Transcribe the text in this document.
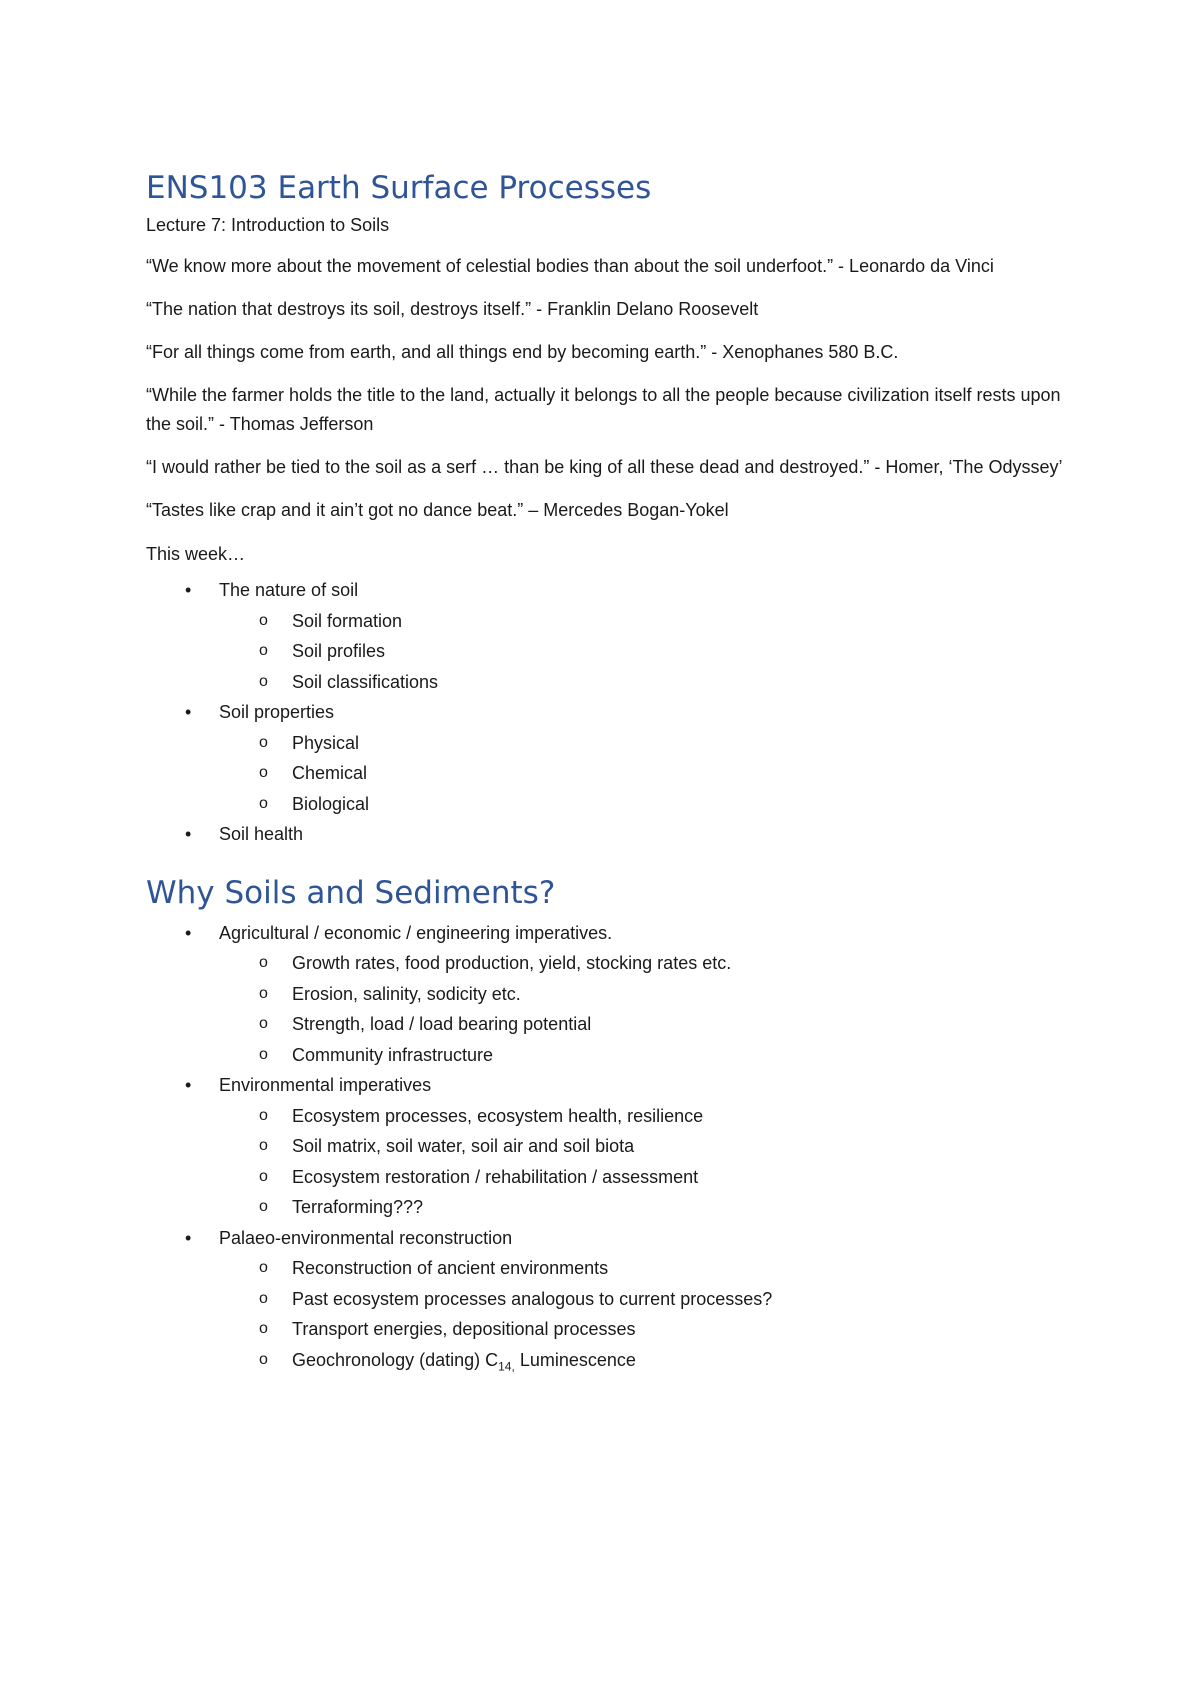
ENS103 Earth Surface Processes

Lecture 7: Introduction to Soils

“We know more about the movement of celestial bodies than about the soil underfoot.” - Leonardo da Vinci

“The nation that destroys its soil, destroys itself.” - Franklin Delano Roosevelt

“For all things come from earth, and all things end by becoming earth.” - Xenophanes 580 B.C.

“While the farmer holds the title to the land, actually it belongs to all the people because civilization itself rests upon the soil.” - Thomas Jefferson

“I would rather be tied to the soil as a serf … than be king of all these dead and destroyed.” - Homer, ‘The Odyssey’

“Tastes like crap and it ain’t got no dance beat.” – Mercedes Bogan-Yokel

This week…

• The nature of soil
o Soil formation
o Soil profiles
o Soil classifications
• Soil properties
o Physical
o Chemical
o Biological
• Soil health
Why Soils and Sediments?
• Agricultural / economic / engineering imperatives.
o Growth rates, food production, yield, stocking rates etc.
o Erosion, salinity, sodicity etc.
o Strength, load / load bearing potential
o Community infrastructure
• Environmental imperatives
o Ecosystem processes, ecosystem health, resilience
o Soil matrix, soil water, soil air and soil biota
o Ecosystem restoration / rehabilitation / assessment
o Terraforming???
• Palaeo-environmental reconstruction
o Reconstruction of ancient environments
o Past ecosystem processes analogous to current processes?
o Transport energies, depositional processes
o Geochronology (dating) $C_{14,}$ Luminescence
